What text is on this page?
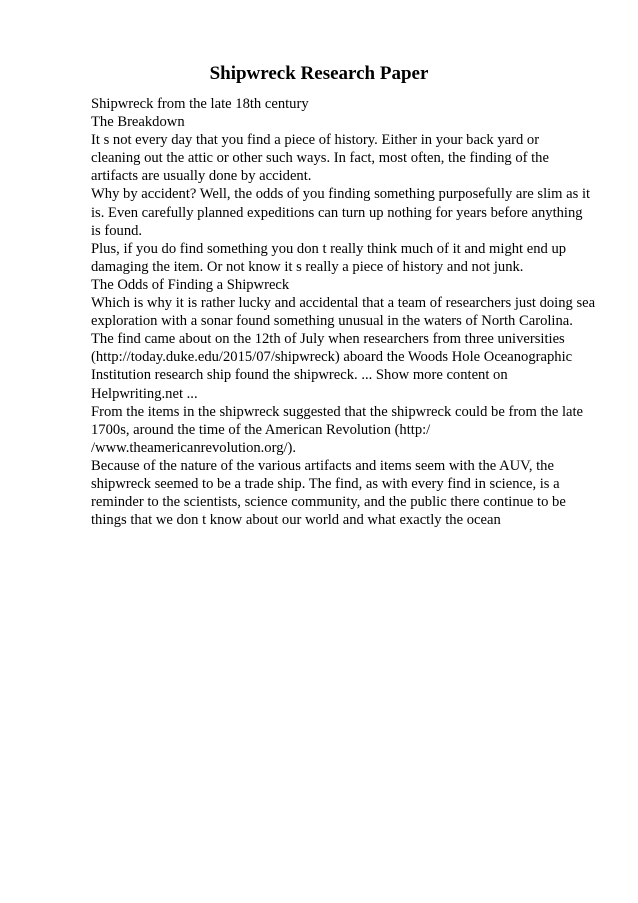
Shipwreck Research Paper
Shipwreck from the late 18th century
The Breakdown
It s not every day that you find a piece of history. Either in your back yard or
cleaning out the attic or other such ways. In fact, most often, the finding of the
artifacts are usually done by accident.
Why by accident? Well, the odds of you finding something purposefully are slim as it
is. Even carefully planned expeditions can turn up nothing for years before anything
is found.
Plus, if you do find something you don t really think much of it and might end up
damaging the item. Or not know it s really a piece of history and not junk.
The Odds of Finding a Shipwreck
Which is why it is rather lucky and accidental that a team of researchers just doing sea
exploration with a sonar found something unusual in the waters of North Carolina.
The find came about on the 12th of July when researchers from three universities
(http://today.duke.edu/2015/07/shipwreck) aboard the Woods Hole Oceanographic
Institution research ship found the shipwreck. ... Show more content on
Helpwriting.net ...
From the items in the shipwreck suggested that the shipwreck could be from the late
1700s, around the time of the American Revolution (http:/
/www.theamericanrevolution.org/).
Because of the nature of the various artifacts and items seem with the AUV, the
shipwreck seemed to be a trade ship. The find, as with every find in science, is a
reminder to the scientists, science community, and the public there continue to be
things that we don t know about our world and what exactly the ocean
